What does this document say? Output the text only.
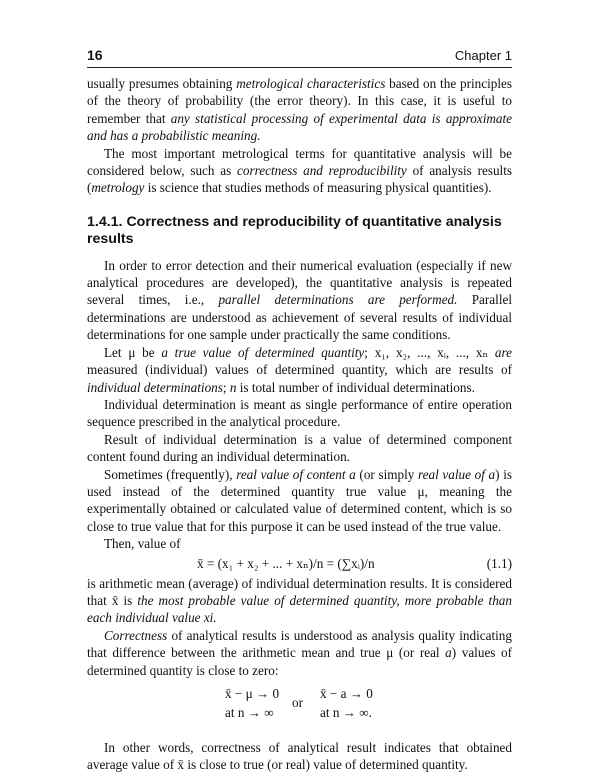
16	Chapter 1

usually presumes obtaining metrological characteristics based on the principles of the theory of probability (the error theory). In this case, it is useful to remember that any statistical processing of experimental data is approximate and has a probabilistic meaning.

The most important metrological terms for quantitative analysis will be considered below, such as correctness and reproducibility of analysis results (metrology is science that studies methods of measuring physical quantities).

1.4.1. Correctness and reproducibility of quantitative analysis results

In order to error detection and their numerical evaluation (especially if new analytical procedures are developed), the quantitative analysis is repeated several times, i.e., parallel determinations are performed. Parallel determinations are understood as achievement of several results of individual determinations for one sample under practically the same conditions.

Let μ be a true value of determined quantity; x₁, x₂, ..., xᵢ, ..., xₙ are measured (individual) values of determined quantity, which are results of individual determinations; n is total number of individual determinations.

Individual determination is meant as single performance of entire operation sequence prescribed in the analytical procedure.

Result of individual determination is a value of determined component content found during an individual determination.

Sometimes (frequently), real value of content a (or simply real value of a) is used instead of the determined quantity true value μ, meaning the experimentally obtained or calculated value of determined content, which is so close to true value that for this purpose it can be used instead of the true value.

Then, value of

x̄ = (x₁ + x₂ + ... + xₙ)/n = (∑xᵢ)/n	(1.1)

is arithmetic mean (average) of individual determination results. It is considered that x̄ is the most probable value of determined quantity, more probable than each individual value xi.

Correctness of analytical results is understood as analysis quality indicating that difference between the arithmetic mean and true μ (or real a) values of determined quantity is close to zero:

x̄ − μ → 0
at n → ∞
or
x̄ − a → 0
at n → ∞.

In other words, correctness of analytical result indicates that obtained average value of x̄ is close to true (or real) value of determined quantity.
